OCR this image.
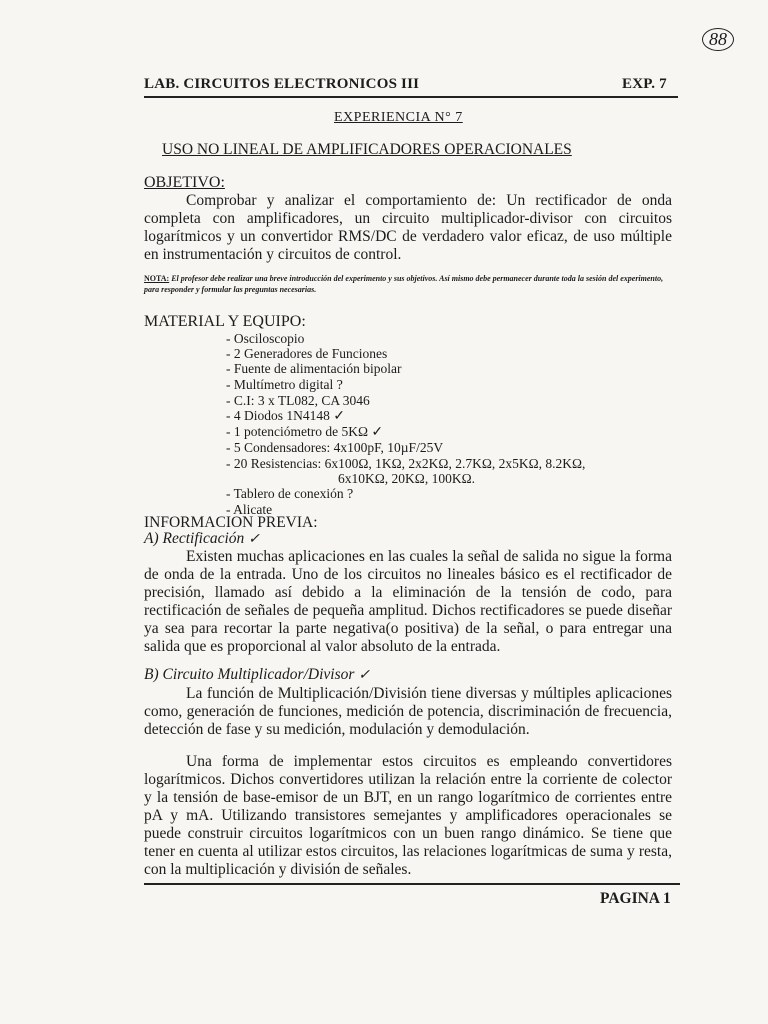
88
LAB. CIRCUITOS ELECTRONICOS III	EXP. 7
EXPERIENCIA N° 7
USO NO LINEAL DE AMPLIFICADORES OPERACIONALES
OBJETIVO:

Comprobar y analizar el comportamiento de: Un rectificador de onda completa con amplificadores, un circuito multiplicador-divisor con circuitos logarítmicos y un convertidor RMS/DC de verdadero valor eficaz, de uso múltiple en instrumentación y circuitos de control.

NOTA: El profesor debe realizar una breve introducción del experimento y sus objetivos. Así mismo debe permanecer durante toda la sesión del experimento, para responder y formular las preguntas necesarias.
MATERIAL Y EQUIPO:
- Osciloscopio
- 2 Generadores de Funciones
- Fuente de alimentación bipolar
- Multímetro digital ?
- C.I: 3 x TL082, CA 3046
- 4 Diodos 1N4148 ✓
- 1 potenciómetro de 5KΩ ✓
- 5 Condensadores: 4x100pF, 10µF/25V
- 20 Resistencias: 6x100Ω, 1KΩ, 2x2KΩ, 2.7KΩ, 2x5KΩ, 8.2KΩ,
6x10KΩ, 20KΩ, 100KΩ.
- Tablero de conexión ?
- Alicate
INFORMACION PREVIA:
A) Rectificación ✓

Existen muchas aplicaciones en las cuales la señal de salida no sigue la forma de onda de la entrada. Uno de los circuitos no lineales básico es el rectificador de precisión, llamado así debido a la eliminación de la tensión de codo, para rectificación de señales de pequeña amplitud. Dichos rectificadores se puede diseñar ya sea para recortar la parte negativa(o positiva) de la señal, o para entregar una salida que es proporcional al valor absoluto de la entrada.

B) Circuito Multiplicador/Divisor ✓

La función de Multiplicación/División tiene diversas y múltiples aplicaciones como, generación de funciones, medición de potencia, discriminación de frecuencia, detección de fase y su medición, modulación y demodulación.

Una forma de implementar estos circuitos es empleando convertidores logarítmicos. Dichos convertidores utilizan la relación entre la corriente de colector y la tensión de base-emisor de un BJT, en un rango logarítmico de corrientes entre pA y mA. Utilizando transistores semejantes y amplificadores operacionales se puede construir circuitos logarítmicos con un buen rango dinámico. Se tiene que tener en cuenta al utilizar estos circuitos, las relaciones logarítmicas de suma y resta, con la multiplicación y división de señales.

PAGINA 1
